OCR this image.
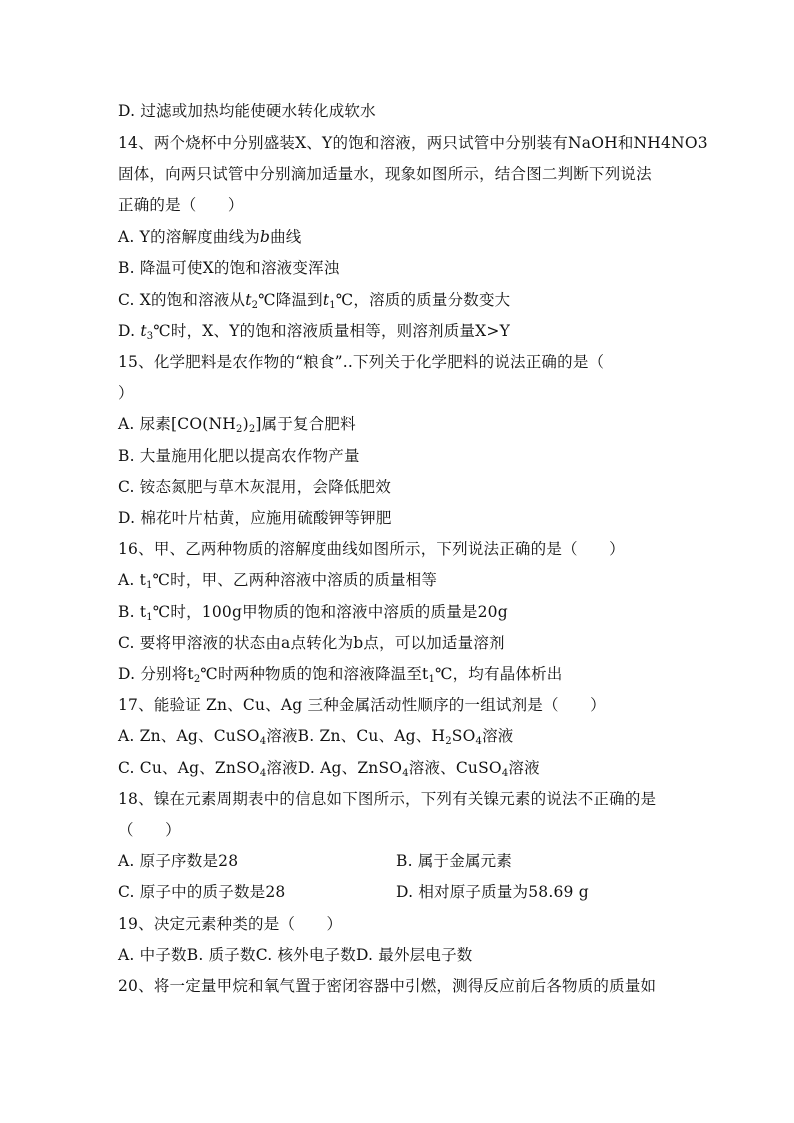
D. 过滤或加热均能使硬水转化成软水
14、两个烧杯中分别盛装X、Y的饱和溶液，两只试管中分别装有NaOH和NH4NO3
固体，向两只试管中分别滴加适量水，现象如图所示，结合图二判断下列说法
正确的是（　　）
A. Y的溶解度曲线为b曲线
B. 降温可使X的饱和溶液变浑浊
C. X的饱和溶液从$t_2℃$降温到$t_1℃$，溶质的质量分数变大
D. $t_3℃$时，X、Y的饱和溶液质量相等，则溶剂质量X>Y
15、化学肥料是农作物的“粮食”..下列关于化学肥料的说法正确的是（
）
A. 尿素$[CO(NH_2)_2]$属于复合肥料
B. 大量施用化肥以提高农作物产量
C. 铵态氮肥与草木灰混用，会降低肥效
D. 棉花叶片枯黄，应施用硫酸钾等钾肥
16、甲、乙两种物质的溶解度曲线如图所示，下列说法正确的是（　　）
A. $t_1℃$时，甲、乙两种溶液中溶质的质量相等
B. $t_1℃$时，100g甲物质的饱和溶液中溶质的质量是20g
C. 要将甲溶液的状态由a点转化为b点，可以加适量溶剂
D. 分别将$t_2℃$时两种物质的饱和溶液降温至$t_1℃$，均有晶体析出
17、能验证 Zn、Cu、Ag 三种金属活动性顺序的一组试剂是（　　）
A. Zn、Ag、CuSO$_4$溶液B. Zn、Cu、Ag、$H_2SO_4$溶液
C. Cu、Ag、ZnSO$_4$溶液D. Ag、ZnSO$_4$溶液、CuSO$_4$溶液
18、镍在元素周期表中的信息如下图所示，下列有关镍元素的说法不正确的是
（　　）
A. 原子序数是28	B. 属于金属元素
C. 原子中的质子数是28	D. 相对原子质量为58.69 g
19、决定元素种类的是（　　）
A. 中子数B. 质子数C. 核外电子数D. 最外层电子数
20、将一定量甲烷和氧气置于密闭容器中引燃，测得反应前后各物质的质量如
